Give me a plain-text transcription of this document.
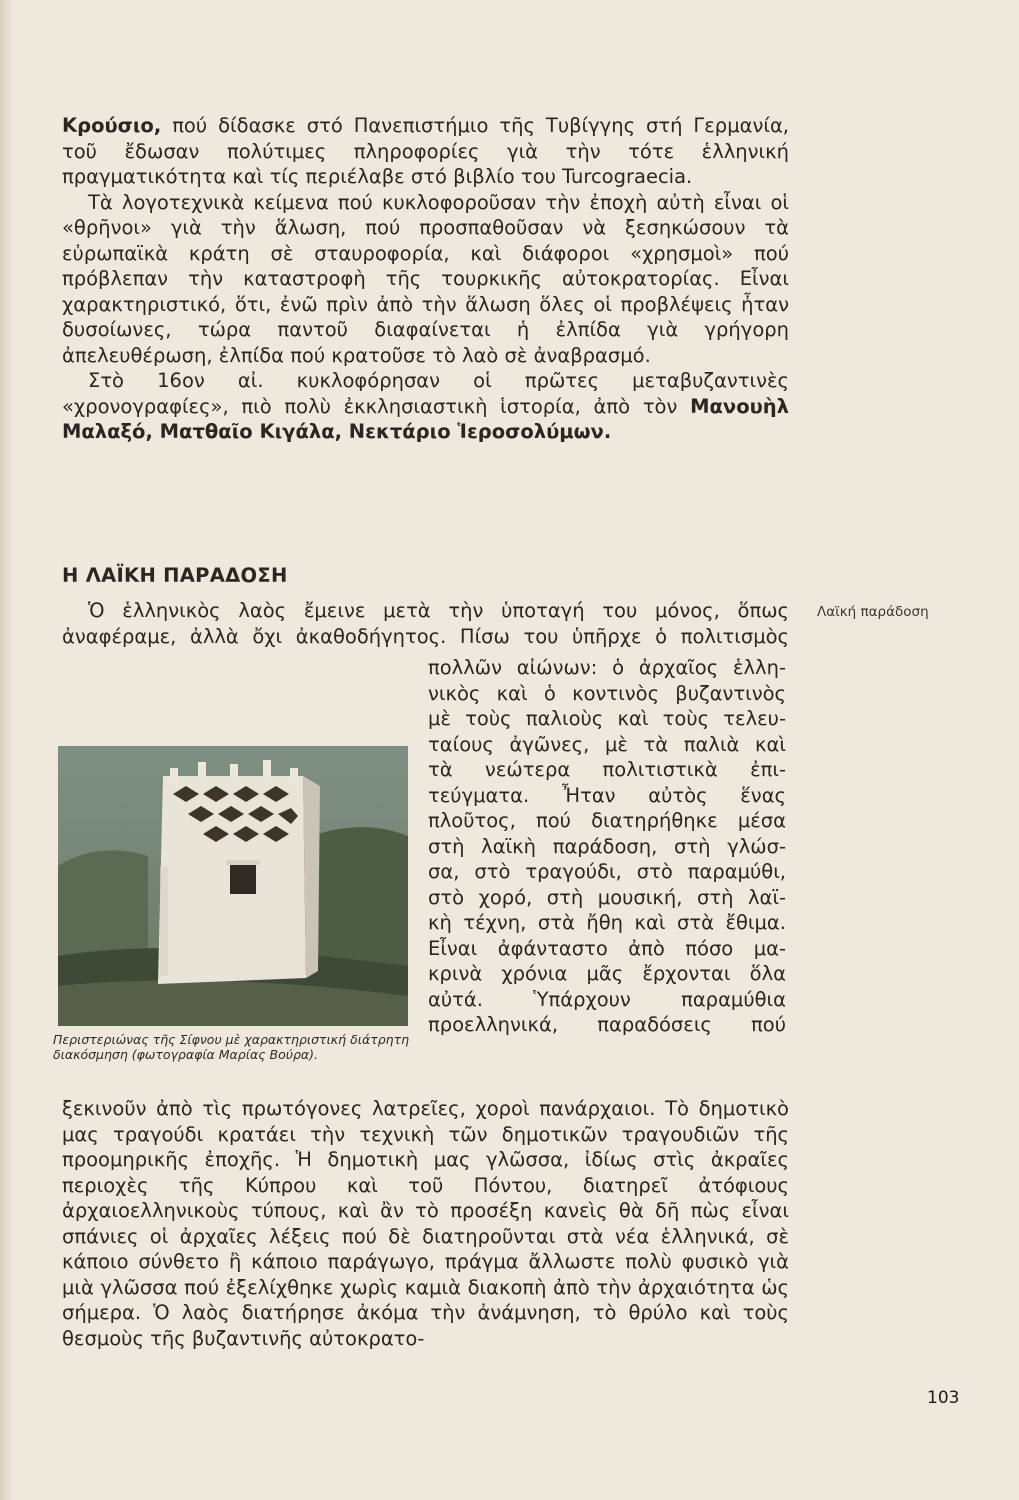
Κρούσιο, πού δίδασκε στό Πανεπιστήμιο τῆς Τυβίγγης στή Γερμανία, τοῦ ἔδωσαν πολύτιμες πληροφορίες γιὰ τὴν τότε ἑλληνική πραγματικότητα καὶ τίς περιέλαβε στό βιβλίο του Turcograecia.

Τὰ λογοτεχνικὰ κείμενα πού κυκλοφοροῦσαν τὴν ἐποχὴ αὐτὴ εἶναι οἱ «θρῆνοι» γιὰ τὴν ἅλωση, πού προσπαθοῦσαν νὰ ξεσηκώσουν τὰ εὐρωπαϊκὰ κράτη σὲ σταυροφορία, καὶ διάφοροι «χρησμοὶ» πού πρόβλεπαν τὴν καταστροφὴ τῆς τουρκικῆς αὐτοκρατορίας. Εἶναι χαρακτηριστικό, ὅτι, ἐνῶ πρὶν ἀπὸ τὴν ἅλωση ὅλες οἱ προβλέψεις ἦταν δυσοίωνες, τώρα παντοῦ διαφαίνεται ἡ ἐλπίδα γιὰ γρήγορη ἀπελευθέρωση, ἐλπίδα πού κρατοῦσε τὸ λαὸ σὲ ἀναβρασμό.

Στὸ 16ον αἰ. κυκλοφόρησαν οἱ πρῶτες μεταβυζαντινὲς «χρονογραφίες», πιὸ πολὺ ἐκκλησιαστικὴ ἱστορία, ἀπὸ τὸν Μανουὴλ Μαλαξό, Ματθαῖο Κιγάλα, Νεκτάριο Ἱεροσολύμων.

Η ΛΑΪΚΗ ΠΑΡΑΔΟΣΗ
Λαϊκή παράδοση
Ὁ ἑλληνικὸς λαὸς ἔμεινε μετὰ τὴν ὑποταγή του μόνος, ὅπως
ἀναφέραμε, ἀλλὰ ὄχι ἀκαθοδήγητος. Πίσω του ὑπῆρχε ὁ πολιτισμὸς
πολλῶν αἰώνων: ὁ ἀρχαῖος ἑλλη-
νικὸς καὶ ὁ κοντινὸς βυζαντινὸς
μὲ τοὺς παλιοὺς καὶ τοὺς τελευ-
ταίους ἀγῶνες, μὲ τὰ παλιὰ καὶ
τὰ νεώτερα πολιτιστικὰ ἐπι-
τεύγματα. Ἦταν αὐτὸς ἕνας
πλοῦτος, πού διατηρήθηκε μέσα
στὴ λαϊκὴ παράδοση, στὴ γλώσ-
σα, στὸ τραγούδι, στὸ παραμύθι,
στὸ χορό, στὴ μουσική, στὴ λαϊ-
κὴ τέχνη, στὰ ἤθη καὶ στὰ ἔθιμα.
Εἶναι ἀφάνταστο ἀπὸ πόσο μα-
κρινὰ χρόνια μᾶς ἔρχονται ὅλα
αὐτά. Ὑπάρχουν παραμύθια
προελληνικά, παραδόσεις πού
Περιστεριώνας τῆς Σίφνου μὲ χαρακτηριστική διάτρητη διακόσμηση (φωτογραφία Μαρίας Βούρα).
ξεκινοῦν ἀπὸ τὶς πρωτόγονες λατρεῖες, χοροὶ πανάρχαιοι. Τὸ δημοτικὸ μας τραγούδι κρατάει τὴν τεχνικὴ τῶν δημοτικῶν τραγουδιῶν τῆς προομηρικῆς ἐποχῆς. Ἡ δημοτικὴ μας γλῶσσα, ἰδίως στὶς ἀκραῖες περιοχὲς τῆς Κύπρου καὶ τοῦ Πόντου, διατηρεῖ ἀτόφιους ἀρχαιοελληνικοὺς τύπους, καὶ ἂν τὸ προσέξη κανεὶς θὰ δῆ πὼς εἶναι σπάνιες οἱ ἀρχαῖες λέξεις πού δὲ διατηροῦνται στὰ νέα ἑλληνικά, σὲ κάποιο σύνθετο ἢ κάποιο παράγωγο, πράγμα ἄλλωστε πολὺ φυσικὸ γιὰ μιὰ γλῶσσα πού ἐξελίχθηκε χωρὶς καμιὰ διακοπὴ ἀπὸ τὴν ἀρχαιότητα ὡς σήμερα. Ὁ λαὸς διατήρησε ἀκόμα τὴν ἀνάμνηση, τὸ θρύλο καὶ τοὺς θεσμοὺς τῆς βυζαντινῆς αὐτοκρατο-
103
